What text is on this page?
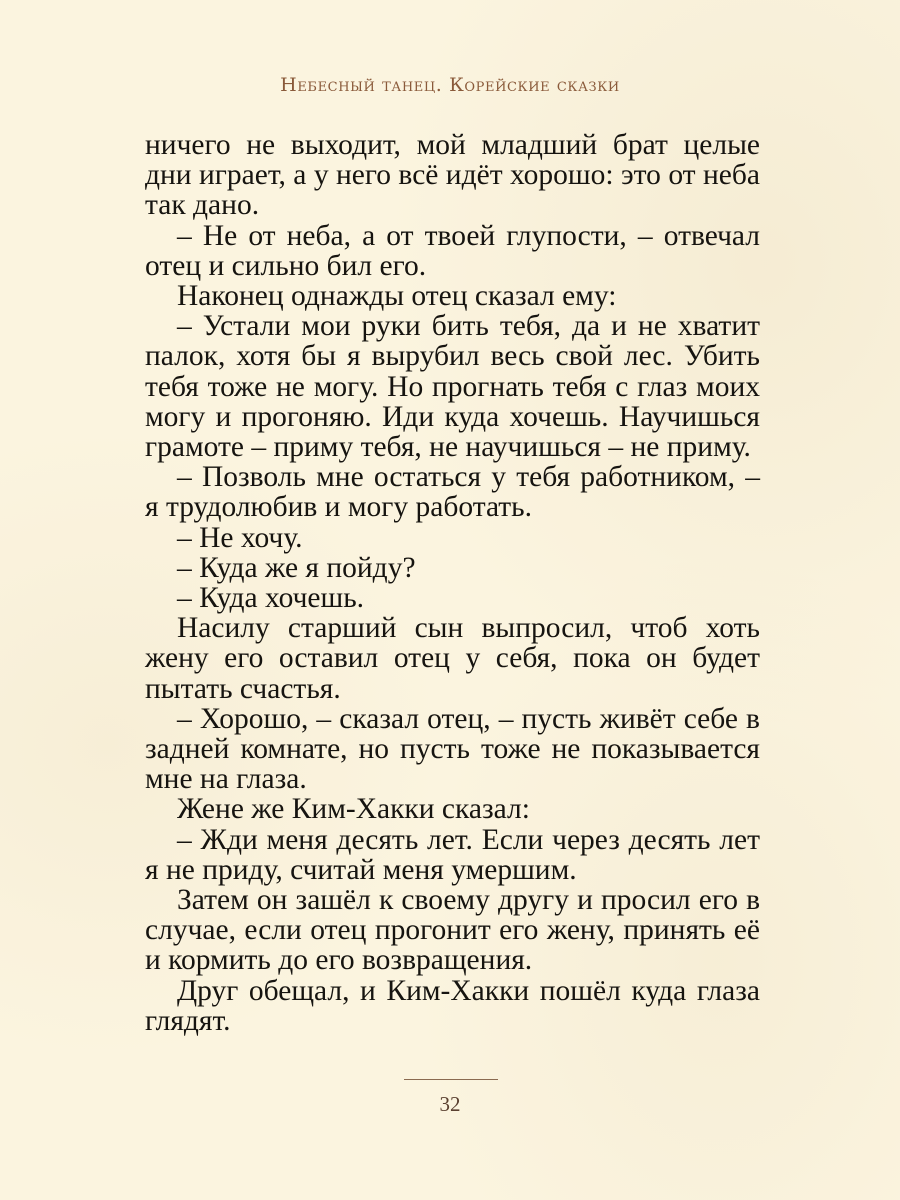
Небесный танец. Корейские сказки

ничего не выходит, мой младший брат целые дни играет, а у него всё идёт хорошо: это от неба так дано.

– Не от неба, а от твоей глупости, – отвечал отец и сильно бил его.

Наконец однажды отец сказал ему:

– Устали мои руки бить тебя, да и не хватит палок, хотя бы я вырубил весь свой лес. Убить тебя тоже не могу. Но прогнать тебя с глаз моих могу и прогоняю. Иди куда хочешь. Научишься грамоте – приму тебя, не научишься – не приму.

– Позволь мне остаться у тебя работником, – я трудолюбив и могу работать.

– Не хочу.

– Куда же я пойду?

– Куда хочешь.

Насилу старший сын выпросил, чтоб хоть жену его оставил отец у себя, пока он будет пытать счастья.

– Хорошо, – сказал отец, – пусть живёт себе в задней комнате, но пусть тоже не показывается мне на глаза.

Жене же Ким-Хакки сказал:

– Жди меня десять лет. Если через десять лет я не приду, считай меня умершим.

Затем он зашёл к своему другу и просил его в случае, если отец прогонит его жену, принять её и кормить до его возвращения.

Друг обещал, и Ким-Хакки пошёл куда глаза глядят.

32
